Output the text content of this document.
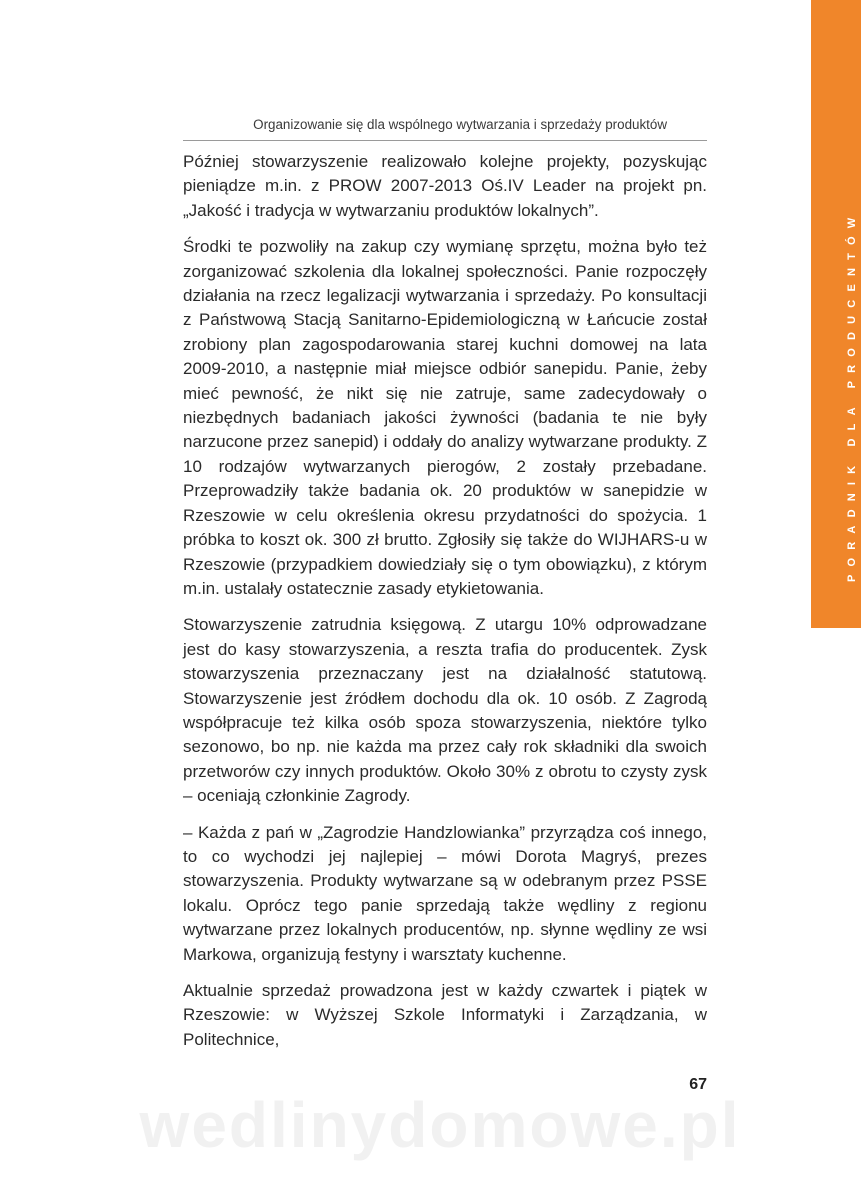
PORADNIK DLA PRODUCENTÓW
Organizowanie się dla wspólnego wytwarzania i sprzedaży produktów

Później stowarzyszenie realizowało kolejne projekty, pozyskując pieniądze m.in. z PROW 2007-2013 Oś.IV Leader na projekt pn. „Jakość i tradycja w wytwarzaniu produktów lokalnych”.

Środki te pozwoliły na zakup czy wymianę sprzętu, można było też zorganizować szkolenia dla lokalnej społeczności. Panie rozpoczęły działania na rzecz legalizacji wytwarzania i sprzedaży. Po konsultacji z Państwową Stacją Sanitarno-Epidemiologiczną w Łańcucie został zrobiony plan zagospodarowania starej kuchni domowej na lata 2009-2010, a następnie miał miejsce odbiór sanepidu. Panie, żeby mieć pewność, że nikt się nie zatruje, same zadecydowały o niezbędnych badaniach jakości żywności (badania te nie były narzucone przez sanepid) i oddały do analizy wytwarzane produkty. Z 10 rodzajów wytwarzanych pierogów, 2 zostały przebadane. Przeprowadziły także badania ok. 20 produktów w sanepidzie w Rzeszowie w celu określenia okresu przydatności do spożycia. 1 próbka to koszt ok. 300 zł brutto. Zgłosiły się także do WIJHARS-u w Rzeszowie (przypadkiem dowiedziały się o tym obowiązku), z którym m.in. ustalały ostatecznie zasady etykietowania.

Stowarzyszenie zatrudnia księgową. Z utargu 10% odprowadzane jest do kasy stowarzyszenia, a reszta trafia do producentek. Zysk stowarzyszenia przeznaczany jest na działalność statutową. Stowarzyszenie jest źródłem dochodu dla ok. 10 osób. Z Zagrodą współpracuje też kilka osób spoza stowarzyszenia, niektóre tylko sezonowo, bo np. nie każda ma przez cały rok składniki dla swoich przetworów czy innych produktów. Około 30% z obrotu to czysty zysk – oceniają członkinie Zagrody.

– Każda z pań w „Zagrodzie Handzlowianka” przyrządza coś innego, to co wychodzi jej najlepiej – mówi Dorota Magryś, prezes stowarzyszenia. Produkty wytwarzane są w odebranym przez PSSE lokalu. Oprócz tego panie sprzedają także wędliny z regionu wytwarzane przez lokalnych producentów, np. słynne wędliny ze wsi Markowa, organizują festyny i warsztaty kuchenne.

Aktualnie sprzedaż prowadzona jest w każdy czwartek i piątek w Rzeszowie: w Wyższej Szkole Informatyki i Zarządzania, w Politechnice,

67
wedlinydomowe.pl
